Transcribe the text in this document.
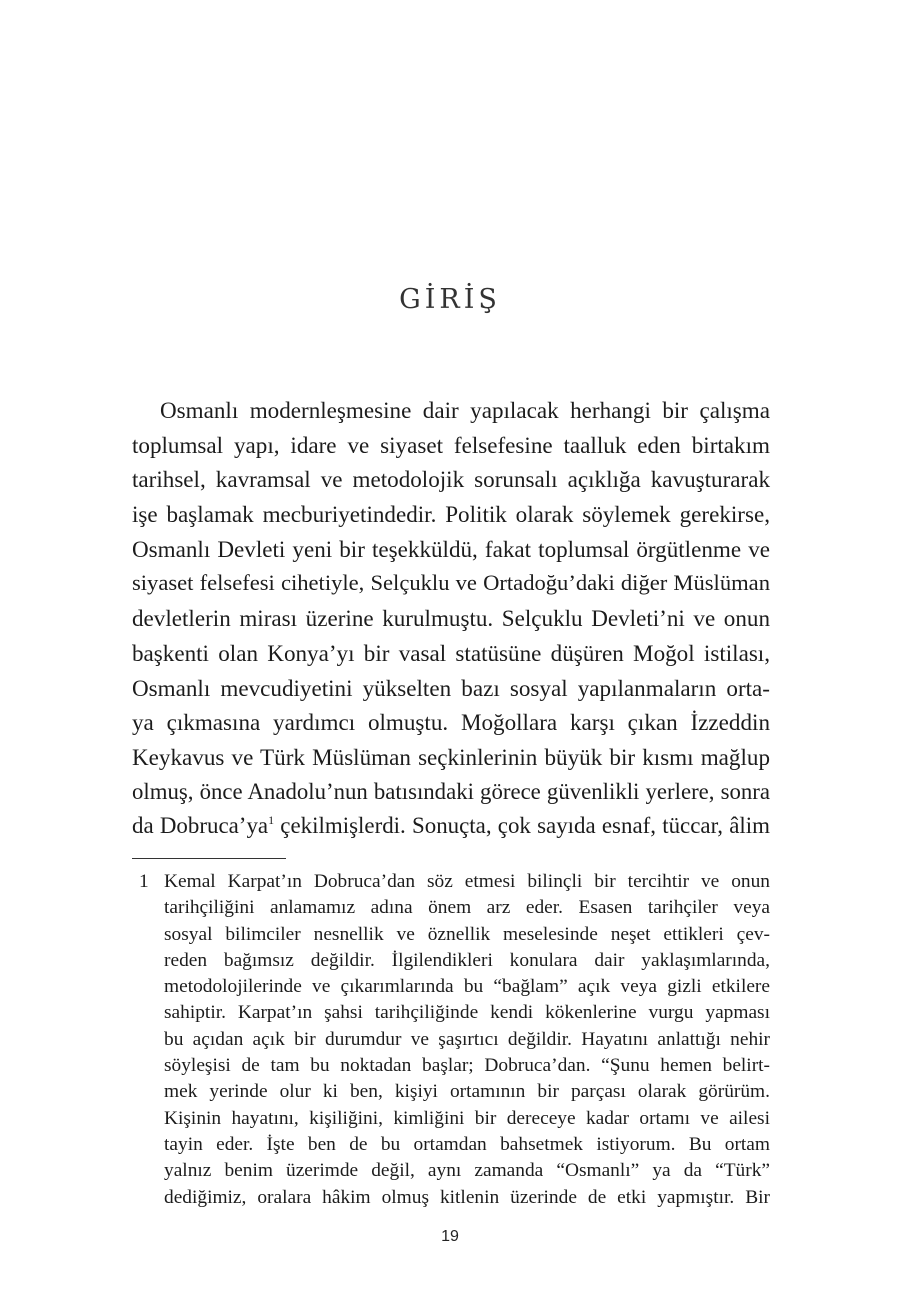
GİRİŞ
Osmanlı modernleşmesine dair yapılacak herhangi bir çalışma
toplumsal yapı, idare ve siyaset felsefesine taalluk eden birtakım
tarihsel, kavramsal ve metodolojik sorunsalı açıklığa kavuşturarak
işe başlamak mecburiyetindedir. Politik olarak söylemek gerekirse,
Osmanlı Devleti yeni bir teşekküldü, fakat toplumsal örgütlenme ve
siyaset felsefesi cihetiyle, Selçuklu ve Ortadoğu’daki diğer Müslüman
devletlerin mirası üzerine kurulmuştu. Selçuklu Devleti’ni ve onun
başkenti olan Konya’yı bir vasal statüsüne düşüren Moğol istilası,
Osmanlı mevcudiyetini yükselten bazı sosyal yapılanmaların orta-
ya çıkmasına yardımcı olmuştu. Moğollara karşı çıkan İzzeddin
Keykavus ve Türk Müslüman seçkinlerinin büyük bir kısmı mağlup
olmuş, önce Anadolu’nun batısındaki görece güvenlikli yerlere, sonra
da $Dobruca’ya^1$ çekilmişlerdi. Sonuçta, çok sayıda esnaf, tüccar, âlim
1 Kemal Karpat’ın Dobruca’dan söz etmesi bilinçli bir tercihtir ve onun
tarihçiliğini anlamamız adına önem arz eder. Esasen tarihçiler veya
sosyal bilimciler nesnellik ve öznellik meselesinde neşet ettikleri çev-
reden bağımsız değildir. İlgilendikleri konulara dair yaklaşımlarında,
metodolojilerinde ve çıkarımlarında bu “bağlam” açık veya gizli etkilere
sahiptir. Karpat’ın şahsi tarihçiliğinde kendi kökenlerine vurgu yapması
bu açıdan açık bir durumdur ve şaşırtıcı değildir. Hayatını anlattığı nehir
söyleşisi de tam bu noktadan başlar; Dobruca’dan. “Şunu hemen belirt-
mek yerinde olur ki ben, kişiyi ortamının bir parçası olarak görürüm.
Kişinin hayatını, kişiliğini, kimliğini bir dereceye kadar ortamı ve ailesi
tayin eder. İşte ben de bu ortamdan bahsetmek istiyorum. Bu ortam
yalnız benim üzerimde değil, aynı zamanda “Osmanlı” ya da “Türk”
dediğimiz, oralara hâkim olmuş kitlenin üzerinde de etki yapmıştır. Bir
19
